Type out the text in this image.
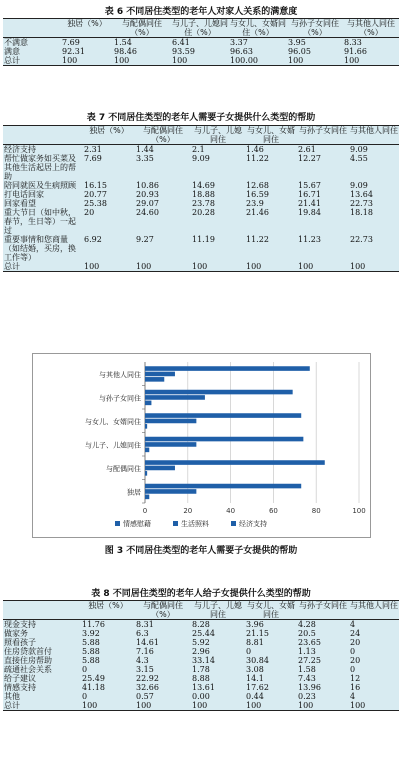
表 6 不同居住类型的老年人对家人关系的满意度
	独居（%）	与配偶同住（%）	与儿子、儿媳同住（%）	与女儿、女婿同住（%）	与孙子女同住（%）	与其他人同住（%）
不满意	7.69	1.54	6.41	3.37	3.95	8.33
满意	92.31	98.46	93.59	96.63	96.05	91.66
总计	100	100	100	100.00	100	100
表 7 不同居住类型的老年人需要子女提供什么类型的帮助
	独居（%）	与配偶同住（%）	与儿子、儿媳同住	与女儿、女婿同住	与孙子女同住	与其他人同住
经济支持	2.31	1.44	2.1	1.46	2.61	9.09
帮忙做家务如买菜及其他生活起居上的帮助	7.69	3.35	9.09	11.22	12.27	4.55
陪同就医及生病照顾	16.15	10.86	14.69	12.68	15.67	9.09
打电话回家	20.77	20.93	18.88	16.59	16.71	13.64
回家看望	25.38	29.07	23.78	23.9	21.41	22.73
重大节日（如中秋，春节，生日等）一起过	20	24.60	20.28	21.46	19.84	18.18
重要事情和您商量（如结婚，买房，换工作等）	6.92	9.27	11.19	11.22	11.23	22.73
总计	100	100	100	100	100	100
0	20	40	60	80	100
独居
与配偶同住
与儿子、儿媳同住
与女儿、女婿同住
与孙子女同住
与其他人同住
情感慰藉	生活照料	经济支持
图 3 不同居住类型的老年人需要子女提供的帮助
表 8 不同居住类型的老年人给子女提供什么类型的帮助
	独居（%）	与配偶同住（%）	与儿子、儿媳同住	与女儿、女婿同住	与孙子女同住	与其他人同住
现金支持	11.76	8.31	8.28	3.96	4.28	4
做家务	3.92	6.3	25.44	21.15	20.5	24
照看孩子	5.88	14.61	5.92	8.81	23.65	20
住房贷款首付	5.88	7.16	2.96	0	1.13	0
直接住房帮助	5.88	4.3	33.14	30.84	27.25	20
疏通社会关系	0	3.15	1.78	3.08	1.58	0
给子建议	25.49	22.92	8.88	14.1	7.43	12
情感支持	41.18	32.66	13.61	17.62	13.96	16
其他	0	0.57	0.00	0.44	0.23	4
总计	100	100	100	100	100	100
